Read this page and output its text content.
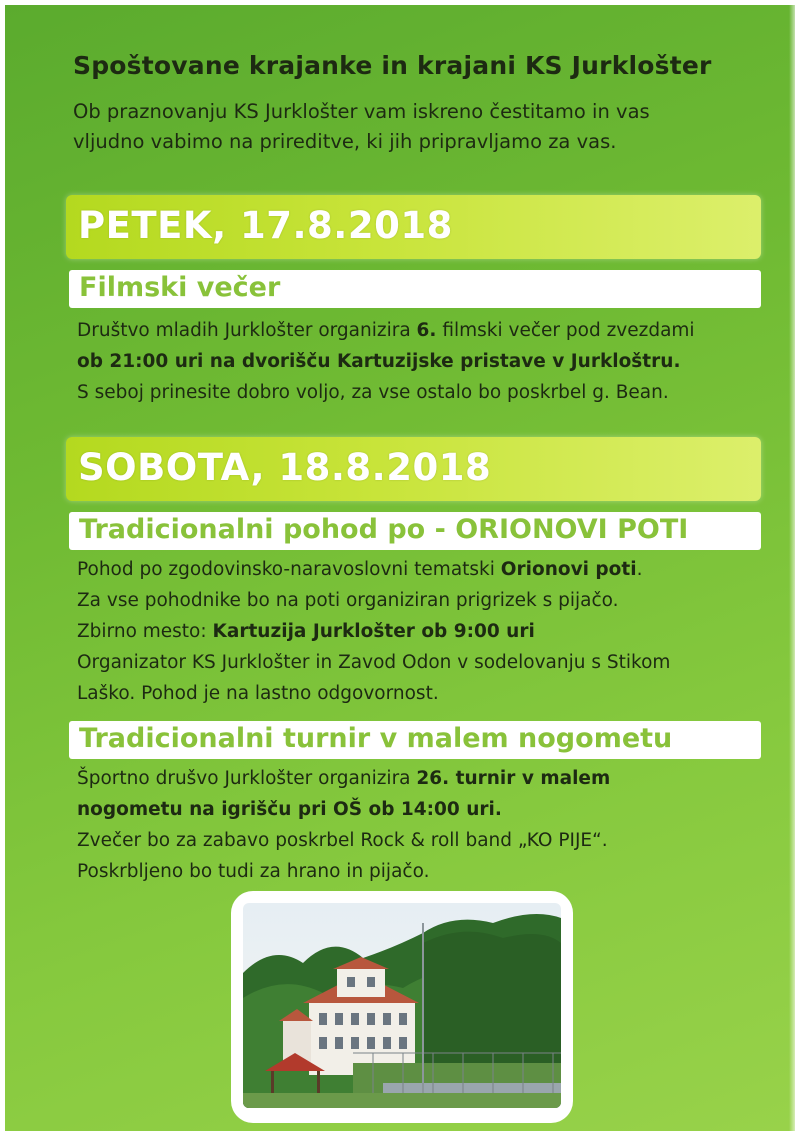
Spoštovane krajanke in krajani KS Jurklošter
Ob praznovanju KS Jurklošter vam iskreno čestitamo in vas
vljudno vabimo na prireditve, ki jih pripravljamo za vas.
PETEK, 17.8.2018
Filmski večer
Društvo mladih Jurklošter organizira 6. filmski večer pod zvezdami
ob 21:00 uri na dvorišču Kartuzijske pristave v Jurkloštru.
S seboj prinesite dobro voljo, za vse ostalo bo poskrbel g. Bean.
SOBOTA, 18.8.2018
Tradicionalni pohod po - ORIONOVI POTI
Pohod po zgodovinsko-naravoslovni tematski Orionovi poti.
Za vse pohodnike bo na poti organiziran prigrizek s pijačo.
Zbirno mesto: Kartuzija Jurklošter ob 9:00 uri
Organizator KS Jurklošter in Zavod Odon v sodelovanju s Stikom
Laško. Pohod je na lastno odgovornost.
Tradicionalni turnir v malem nogometu
Športno drušvo Jurklošter organizira 26. turnir v malem
nogometu na igrišču pri OŠ ob 14:00 uri.
Zvečer bo za zabavo poskrbel Rock & roll band „KO PIJE“.
Poskrbljeno bo tudi za hrano in pijačo.
